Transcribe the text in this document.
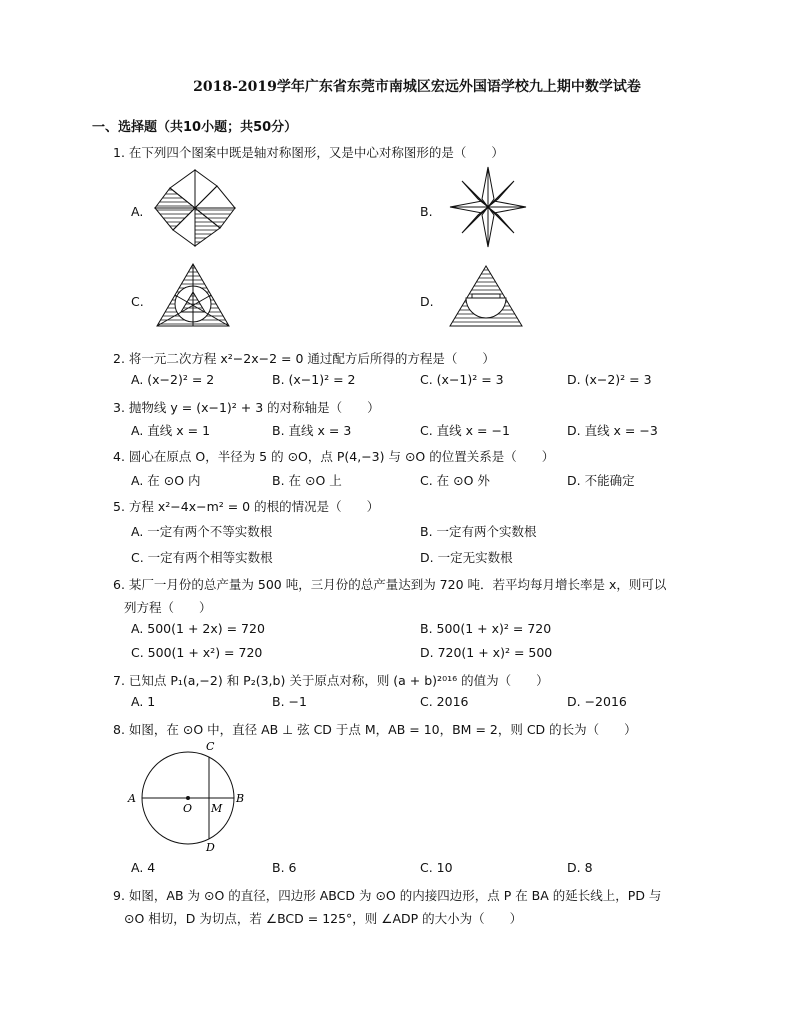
2018-2019学年广东省东莞市南城区宏远外国语学校九上期中数学试卷
一、选择题（共10小题；共50分）
1. 在下列四个图案中既是轴对称图形，又是中心对称图形的是（　　）
A.	B.
C.	D.
2. 将一元二次方程 x²−2x−2 = 0 通过配方后所得的方程是（　　）
A. (x−2)² = 2	B. (x−1)² = 2	C. (x−1)² = 3	D. (x−2)² = 3
3. 抛物线 y = (x−1)² + 3 的对称轴是（　　）
A. 直线 x = 1	B. 直线 x = 3	C. 直线 x = −1	D. 直线 x = −3
4. 圆心在原点 O，半径为 5 的 ⊙O，点 P(4,−3) 与 ⊙O 的位置关系是（　　）
A. 在 ⊙O 内	B. 在 ⊙O 上	C. 在 ⊙O 外	D. 不能确定
5. 方程 x²−4x−m² = 0 的根的情况是（　　）
A. 一定有两个不等实数根	B. 一定有两个实数根
C. 一定有两个相等实数根	D. 一定无实数根
6. 某厂一月份的总产量为 500 吨，三月份的总产量达到为 720 吨．若平均每月增长率是 x，则可以
列方程（　　）
A. 500(1 + 2x) = 720	B. 500(1 + x)² = 720
C. 500(1 + x²) = 720	D. 720(1 + x)² = 500
7. 已知点 P₁(a,−2) 和 P₂(3,b) 关于原点对称，则 (a + b)²⁰¹⁶ 的值为（　　）
A. 1	B. −1	C. 2016	D. −2016
8. 如图，在 ⊙O 中，直径 AB ⊥ 弦 CD 于点 M，AB = 10，BM = 2，则 CD 的长为（　　）
C
A
O M
B
D
A. 4	B. 6	C. 10	D. 8
9. 如图，AB 为 ⊙O 的直径，四边形 ABCD 为 ⊙O 的内接四边形，点 P 在 BA 的延长线上，PD 与
⊙O 相切，D 为切点，若 ∠BCD = 125°，则 ∠ADP 的大小为（　　）
